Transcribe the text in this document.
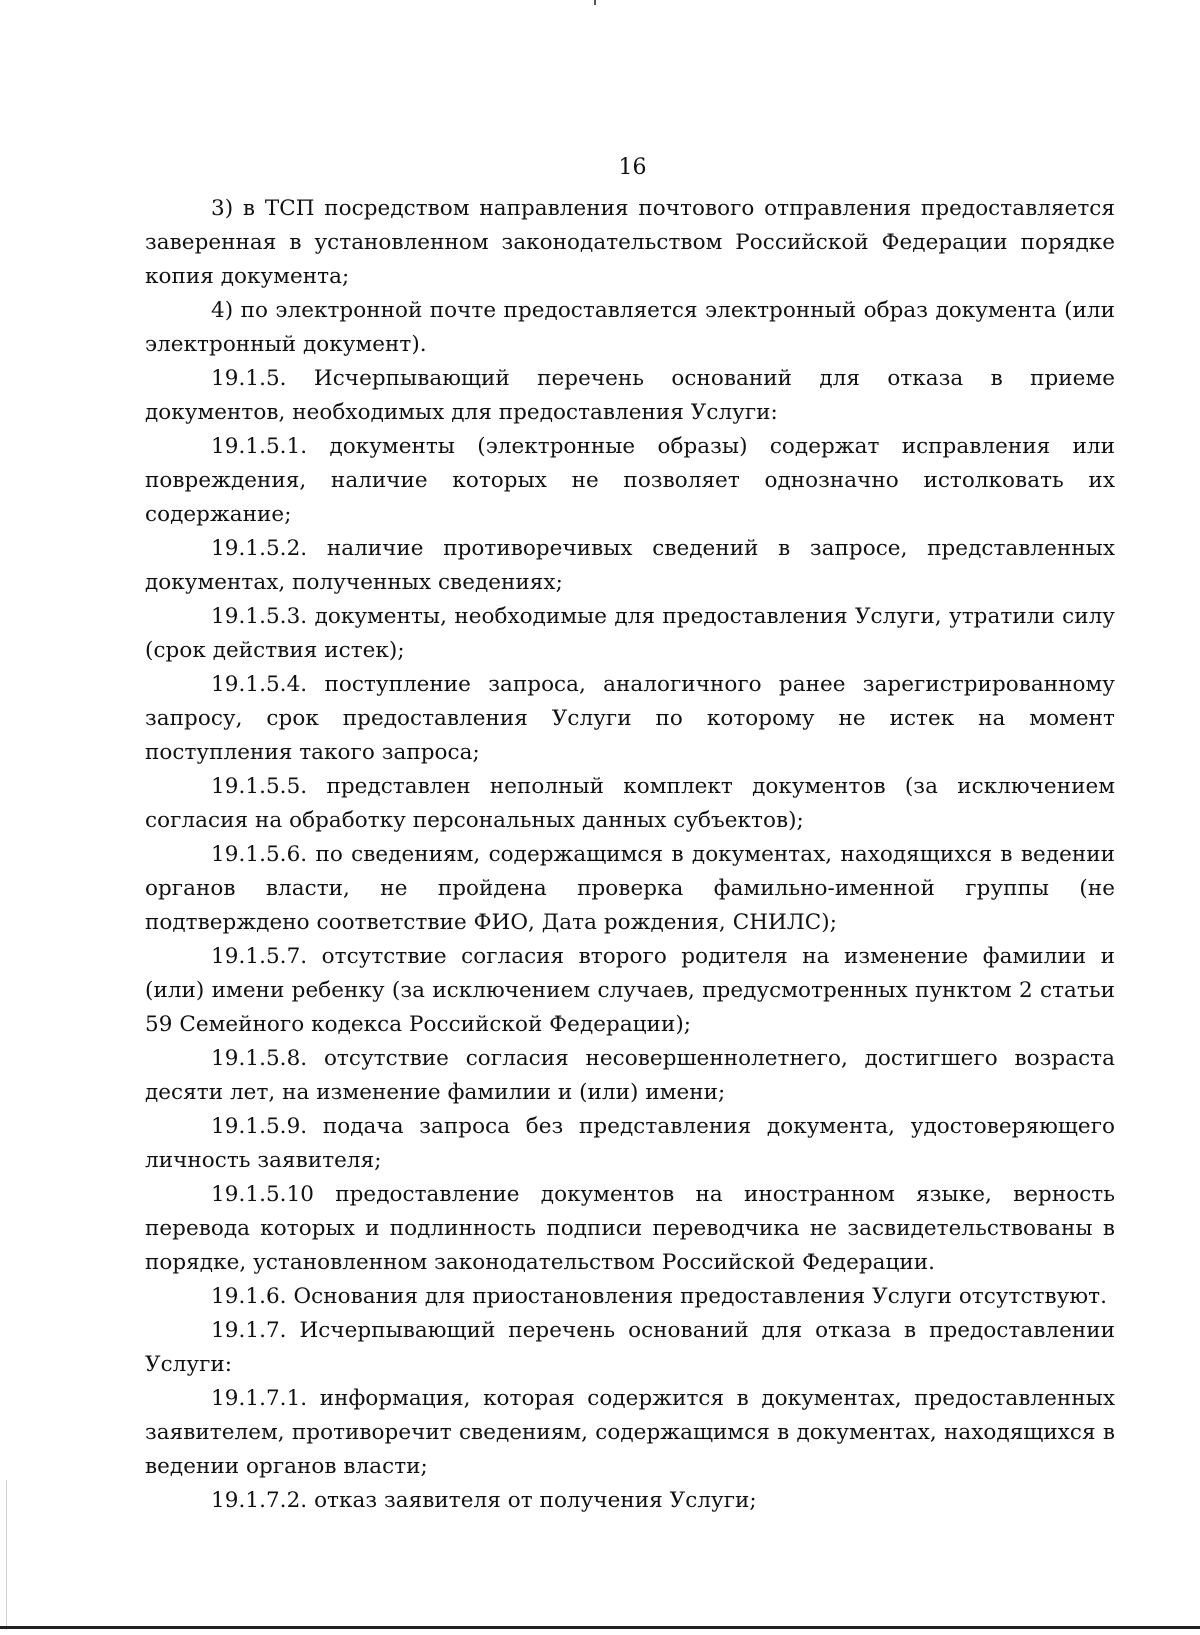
16

3) в ТСП посредством направления почтового отправления предоставляется заверенная в установленном законодательством Российской Федерации порядке копия документа;

4) по электронной почте предоставляется электронный образ документа (или электронный документ).

19.1.5. Исчерпывающий перечень оснований для отказа в приеме документов, необходимых для предоставления Услуги:

19.1.5.1. документы (электронные образы) содержат исправления или повреждения, наличие которых не позволяет однозначно истолковать их содержание;

19.1.5.2. наличие противоречивых сведений в запросе, представленных документах, полученных сведениях;

19.1.5.3. документы, необходимые для предоставления Услуги, утратили силу (срок действия истек);

19.1.5.4. поступление запроса, аналогичного ранее зарегистрированному запросу, срок предоставления Услуги по которому не истек на момент поступления такого запроса;

19.1.5.5. представлен неполный комплект документов (за исключением согласия на обработку персональных данных субъектов);

19.1.5.6. по сведениям, содержащимся в документах, находящихся в ведении органов власти, не пройдена проверка фамильно-именной группы (не подтверждено соответствие ФИО, Дата рождения, СНИЛС);

19.1.5.7. отсутствие согласия второго родителя на изменение фамилии и (или) имени ребенку (за исключением случаев, предусмотренных пунктом 2 статьи 59 Семейного кодекса Российской Федерации);

19.1.5.8. отсутствие согласия несовершеннолетнего, достигшего возраста десяти лет, на изменение фамилии и (или) имени;

19.1.5.9. подача запроса без представления документа, удостоверяющего личность заявителя;

19.1.5.10 предоставление документов на иностранном языке, верность перевода которых и подлинность подписи переводчика не засвидетельствованы в порядке, установленном законодательством Российской Федерации.

19.1.6. Основания для приостановления предоставления Услуги отсутствуют.

19.1.7. Исчерпывающий перечень оснований для отказа в предоставлении Услуги:

19.1.7.1. информация, которая содержится в документах, предоставленных заявителем, противоречит сведениям, содержащимся в документах, находящихся в ведении органов власти;

19.1.7.2. отказ заявителя от получения Услуги;
